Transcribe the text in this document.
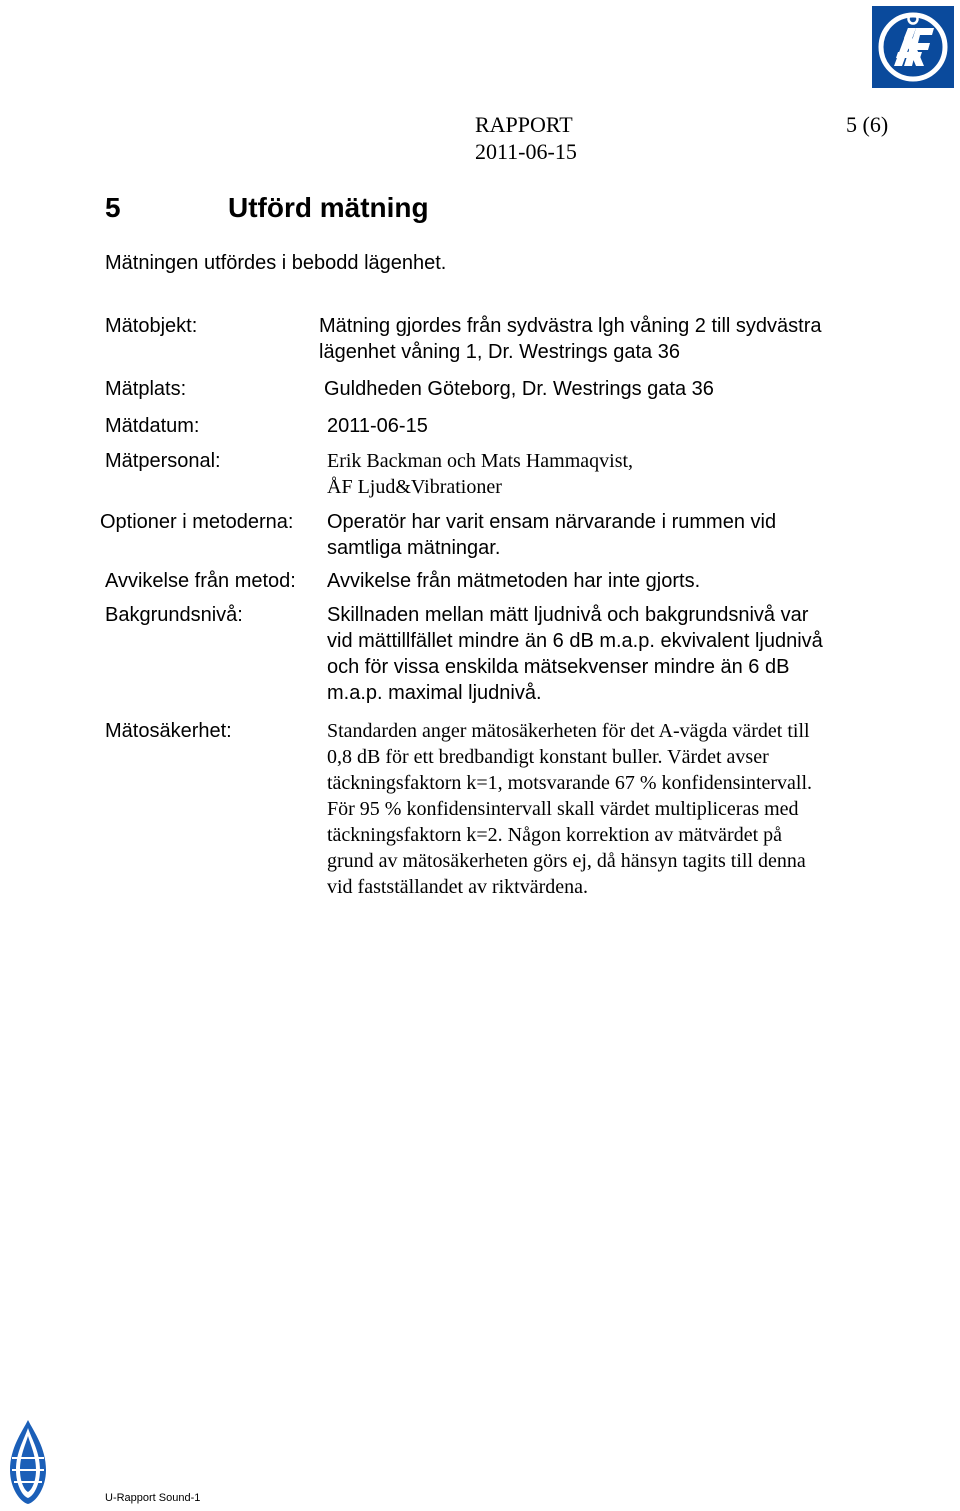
RAPPORT
2011-06-15
5 (6)
5	Utförd mätning
Mätningen utfördes i bebodd lägenhet.
Mätobjekt:	Mätning gjordes från sydvästra lgh våning 2 till sydvästra lägenhet våning 1, Dr. Westrings gata 36
Mätplats:	Guldheden Göteborg, Dr. Westrings gata 36
Mätdatum:	2011-06-15
Mätpersonal:	Erik Backman och Mats Hammaqvist,
ÅF Ljud&Vibrationer
Optioner i metoderna: Operatör har varit ensam närvarande i rummen vid samtliga mätningar.
Avvikelse från metod: Avvikelse från mätmetoden har inte gjorts.
Bakgrundsnivå:	Skillnaden mellan mätt ljudnivå och bakgrundsnivå var vid mättillfället mindre än 6 dB m.a.p. ekvivalent ljudnivå och för vissa enskilda mätsekvenser mindre än 6 dB m.a.p. maximal ljudnivå.
Mätosäkerhet:	Standarden anger mätosäkerheten för det A-vägda värdet till 0,8 dB för ett bredbandigt konstant buller. Värdet avser täckningsfaktorn k=1, motsvarande 67 % konfidensintervall. För 95 % konfidensintervall skall värdet multipliceras med täckningsfaktorn k=2. Någon korrektion av mätvärdet på grund av mätosäkerheten görs ej, då hänsyn tagits till denna vid fastställandet av riktvärdena.
U-Rapport Sound-1
